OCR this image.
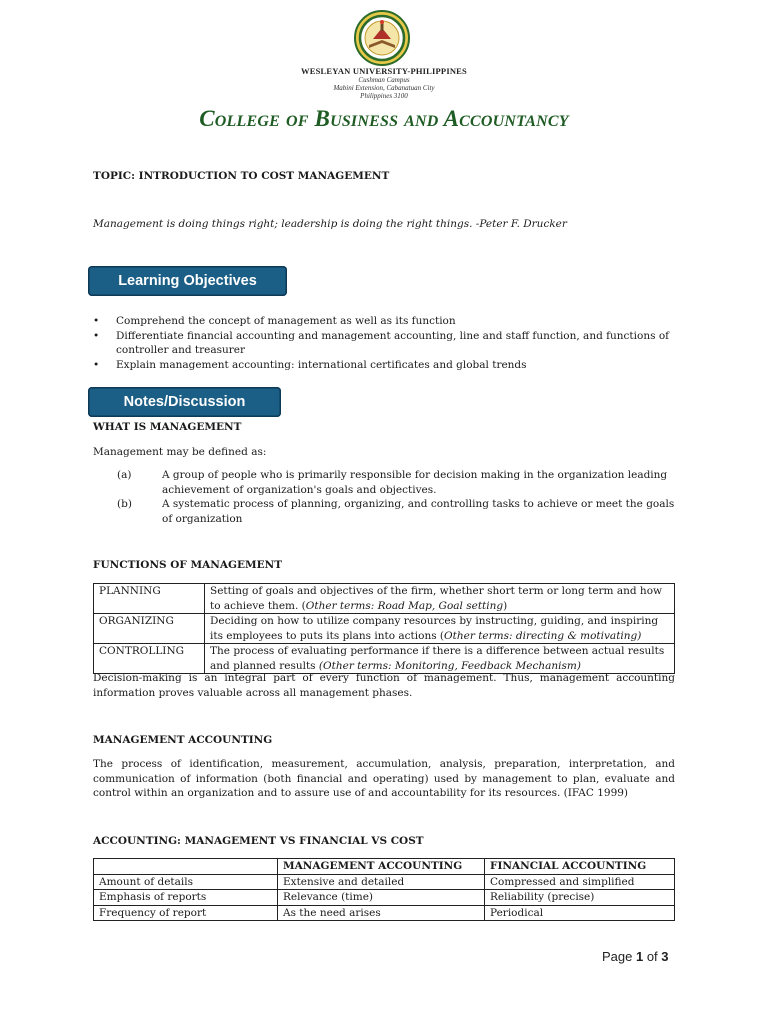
WESLEYAN UNIVERSITY-PHILIPPINES
Cushman Campus
Mabini Extension, Cabanatuan City
Philippines 3100
College of Business and Accountancy
TOPIC: INTRODUCTION TO COST MANAGEMENT
Management is doing things right; leadership is doing the right things. -Peter F. Drucker
Learning Objectives
• Comprehend the concept of management as well as its function
• Differentiate financial accounting and management accounting, line and staff function, and functions of controller and treasurer
• Explain management accounting: international certificates and global trends
Notes/Discussion
WHAT IS MANAGEMENT
Management may be defined as:
(a)	A group of people who is primarily responsible for decision making in the organization leading achievement of organization's goals and objectives.
(b)	A systematic process of planning, organizing, and controlling tasks to achieve or meet the goals of organization
FUNCTIONS OF MANAGEMENT
PLANNING	Setting of goals and objectives of the firm, whether short term or long term and how to achieve them. (Other terms: Road Map, Goal setting)
ORGANIZING	Deciding on how to utilize company resources by instructing, guiding, and inspiring its employees to puts its plans into actions (Other terms: directing & motivating)
CONTROLLING	The process of evaluating performance if there is a difference between actual results and planned results (Other terms: Monitoring, Feedback Mechanism)
Decision-making is an integral part of every function of management. Thus, management accounting information proves valuable across all management phases.
MANAGEMENT ACCOUNTING
The process of identification, measurement, accumulation, analysis, preparation, interpretation, and communication of information (both financial and operating) used by management to plan, evaluate and control within an organization and to assure use of and accountability for its resources. (IFAC 1999)
ACCOUNTING: MANAGEMENT VS FINANCIAL VS COST
	MANAGEMENT ACCOUNTING	FINANCIAL ACCOUNTING
Amount of details	Extensive and detailed	Compressed and simplified
Emphasis of reports	Relevance (time)	Reliability (precise)
Frequency of report	As the need arises	Periodical
Page 1 of 3
